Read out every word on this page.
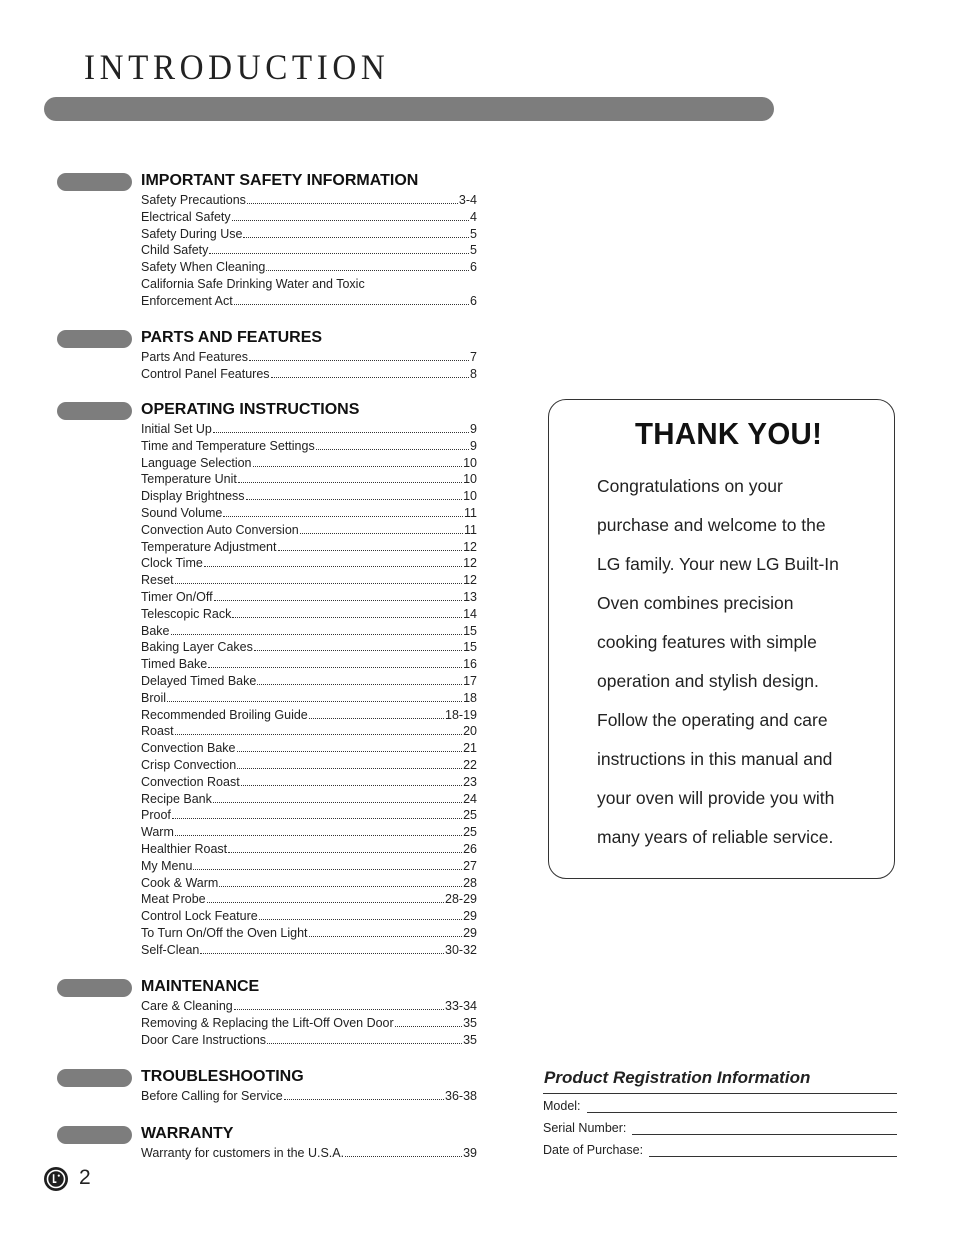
INTRODUCTION
IMPORTANT SAFETY INFORMATION
Safety Precautions	3-4
Electrical Safety	4
Safety During Use	5
Child Safety	5
Safety When Cleaning	6
California Safe Drinking Water and Toxic
Enforcement Act	6
PARTS AND FEATURES
Parts And Features	7
Control Panel Features	8
OPERATING INSTRUCTIONS
Initial Set Up	9
Time and Temperature Settings	9
Language Selection	10
Temperature Unit	10
Display Brightness	10
Sound Volume	11
Convection Auto Conversion	11
Temperature Adjustment	12
Clock Time	12
Reset	12
Timer On/Off	13
Telescopic Rack	14
Bake	15
Baking Layer Cakes	15
Timed Bake	16
Delayed Timed Bake	17
Broil	18
Recommended Broiling Guide	18-19
Roast	20
Convection Bake	21
Crisp Convection	22
Convection Roast	23
Recipe Bank	24
Proof	25
Warm	25
Healthier Roast	26
My Menu	27
Cook & Warm	28
Meat Probe	28-29
Control Lock Feature	29
To Turn On/Off the Oven Light	29
Self-Clean	30-32
MAINTENANCE
Care & Cleaning	33-34
Removing & Replacing the Lift-Off Oven Door	35
Door Care Instructions	35
TROUBLESHOOTING
Before Calling for Service	36-38
WARRANTY
Warranty for customers in the U.S.A.	39
THANK YOU!
Congratulations on your
purchase and welcome to the
LG family. Your new LG Built-In
Oven combines precision
cooking features with simple
operation and stylish design.
Follow the operating and care
instructions in this manual and
your oven will provide you with
many years of reliable service.
Product Registration Information
Model:
Serial Number:
Date of Purchase:
2
